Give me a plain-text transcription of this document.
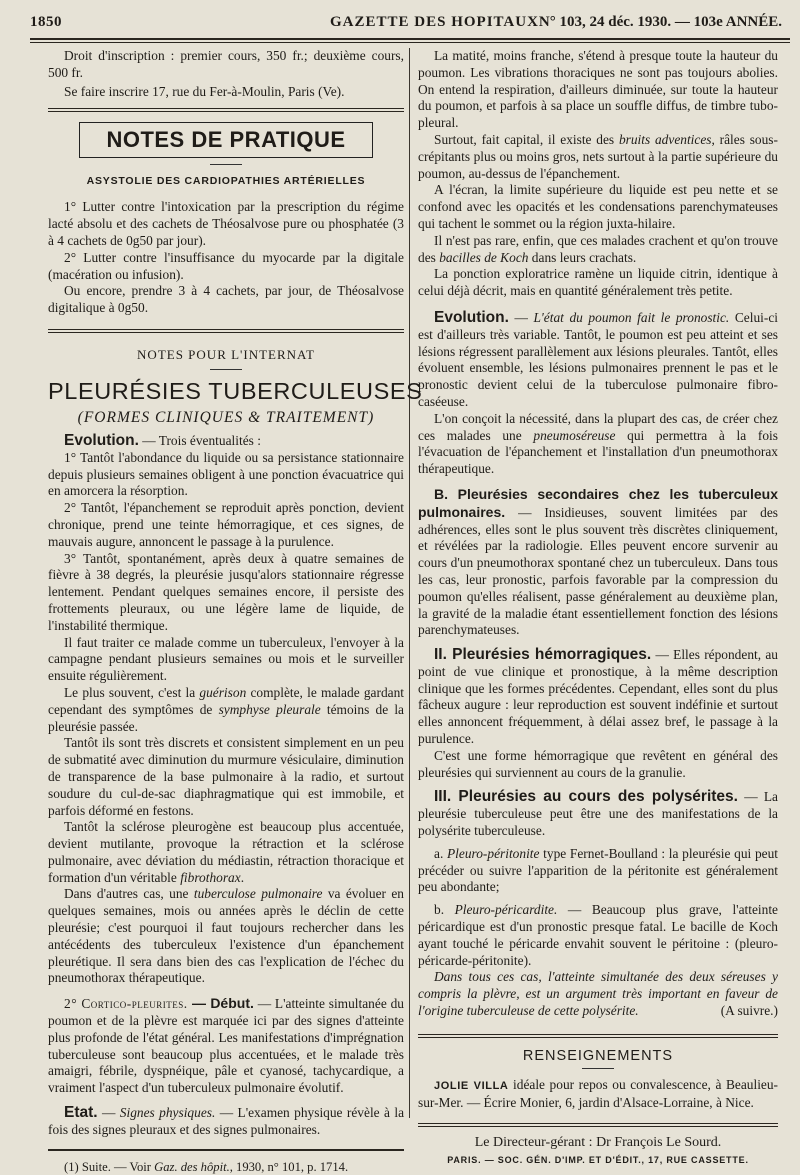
1850	GAZETTE DES HOPITAUX N° 103, 24 déc. 1930. — 103e ANNÉE.

Droit d'inscription : premier cours, 350 fr.; deuxième cours, 500 fr.

Se faire inscrire 17, rue du Fer-à-Moulin, Paris (Ve).

NOTES DE PRATIQUE
ASYSTOLIE DES CARDIOPATHIES ARTÉRIELLES

1° Lutter contre l'intoxication par la prescription du régime lacté absolu et des cachets de Théosalvose pure ou phosphatée (3 à 4 cachets de 0g50 par jour).

2° Lutter contre l'insuffisance du myocarde par la digitale (macération ou infusion).

Ou encore, prendre 3 à 4 cachets, par jour, de Théosalvose digitalique à 0g50.

NOTES POUR L'INTERNAT
PLEURÉSIES TUBERCULEUSES
(FORMES CLINIQUES & TRAITEMENT)

Evolution. — Trois éventualités :

1° Tantôt l'abondance du liquide ou sa persistance stationnaire depuis plusieurs semaines obligent à une ponction évacuatrice qui en amorcera la résorption.

2° Tantôt, l'épanchement se reproduit après ponction, devient chronique, prend une teinte hémorragique, et ces signes, de mauvais augure, annoncent le passage à la purulence.

3° Tantôt, spontanément, après deux à quatre semaines de fièvre à 38 degrés, la pleurésie jusqu'alors stationnaire régresse lentement. Pendant quelques semaines encore, il persiste des frottements pleuraux, ou une légère lame de liquide, de l'instabilité thermique.

Il faut traiter ce malade comme un tuberculeux, l'envoyer à la campagne pendant plusieurs semaines ou mois et le surveiller ensuite régulièrement.

Le plus souvent, c'est la guérison complète, le malade gardant cependant des symptômes de symphyse pleurale témoins de la pleurésie passée.

Tantôt ils sont très discrets et consistent simplement en un peu de submatité avec diminution du murmure vésiculaire, diminution de transparence de la base pulmonaire à la radio, et surtout soudure du cul-de-sac diaphragmatique qui est immobile, et parfois déformé en festons.

Tantôt la sclérose pleurogène est beaucoup plus accentuée, devient mutilante, provoque la rétraction et la sclérose pulmonaire, avec déviation du médiastin, rétraction thoracique et formation d'un véritable fibrothorax.

Dans d'autres cas, une tuberculose pulmonaire va évoluer en quelques semaines, mois ou années après le déclin de cette pleurésie; c'est pourquoi il faut toujours rechercher dans les antécédents des tuberculeux l'existence d'un épanchement pleurétique. Il sera dans bien des cas l'explication de l'échec du pneumothorax thérapeutique.

2° Cortico-pleurites. — Début. — L'atteinte simultanée du poumon et de la plèvre est marquée ici par des signes d'atteinte plus profonde de l'état général. Les manifestations d'imprégnation tuberculeuse sont beaucoup plus accentuées, et le malade très amaigri, fébrile, dyspnéique, pâle et cyanosé, tachycardique, a vraiment l'aspect d'un tuberculeux pulmonaire évolutif.

Etat. — Signes physiques. — L'examen physique révèle à la fois des signes pleuraux et des signes pulmonaires.

(1) Suite. — Voir Gaz. des hôpit., 1930, n° 101, p. 1714.

La matité, moins franche, s'étend à presque toute la hauteur du poumon. Les vibrations thoraciques ne sont pas toujours abolies. On entend la respiration, d'ailleurs diminuée, sur toute la hauteur du poumon, et parfois à sa place un souffle diffus, de timbre tubo-pleural.

Surtout, fait capital, il existe des bruits adventices, râles sous-crépitants plus ou moins gros, nets surtout à la partie supérieure du poumon, au-dessus de l'épanchement.

A l'écran, la limite supérieure du liquide est peu nette et se confond avec les opacités et les condensations parenchymateuses qui tachent le sommet ou la région juxta-hilaire.

Il n'est pas rare, enfin, que ces malades crachent et qu'on trouve des bacilles de Koch dans leurs crachats.

La ponction exploratrice ramène un liquide citrin, identique à celui déjà décrit, mais en quantité généralement très petite.

Evolution. — L'état du poumon fait le pronostic. Celui-ci est d'ailleurs très variable. Tantôt, le poumon est peu atteint et ses lésions régressent parallèlement aux lésions pleurales. Tantôt, elles évoluent ensemble, les lésions pulmonaires prennent le pas et le pronostic devient celui de la tuberculose pulmonaire fibro-caséeuse.

L'on conçoit la nécessité, dans la plupart des cas, de créer chez ces malades une pneumoséreuse qui permettra à la fois l'évacuation de l'épanchement et l'installation d'un pneumothorax thérapeutique.

B. Pleurésies secondaires chez les tuberculeux pulmonaires. — Insidieuses, souvent limitées par des adhérences, elles sont le plus souvent très discrètes cliniquement, et révélées par la radiologie. Elles peuvent encore survenir au cours d'un pneumothorax spontané chez un tuberculeux. Dans tous les cas, leur pronostic, parfois favorable par la compression du poumon qu'elles réalisent, passe généralement au deuxième plan, la gravité de la maladie étant essentiellement fonction des lésions parenchymateuses.

II. Pleurésies hémorragiques. — Elles répondent, au point de vue clinique et pronostique, à la même description clinique que les formes précédentes. Cependant, elles sont du plus fâcheux augure : leur reproduction est souvent indéfinie et surtout elles annoncent fréquemment, à délai assez bref, le passage à la purulence.

C'est une forme hémorragique que revêtent en général des pleurésies qui surviennent au cours de la granulie.

III. Pleurésies au cours des polysérites. — La pleurésie tuberculeuse peut être une des manifestations de la polysérite tuberculeuse.

a. Pleuro-péritonite type Fernet-Boulland : la pleurésie qui peut précéder ou suivre l'apparition de la péritonite est généralement peu abondante;

b. Pleuro-péricardite. — Beaucoup plus grave, l'atteinte péricardique est d'un pronostic presque fatal. Le bacille de Koch ayant touché le péricarde envahit souvent le péritoine : (pleuro-péricarde-péritonite).

Dans tous ces cas, l'atteinte simultanée des deux séreuses y compris la plèvre, est un argument très important en faveur de l'origine tuberculeuse de cette polysérite.	(A suivre.)

RENSEIGNEMENTS

JOLIE VILLA idéale pour repos ou convalescence, à Beaulieu-sur-Mer. — Écrire Monier, 6, jardin d'Alsace-Lorraine, à Nice.

Le Directeur-gérant : Dr François Le Sourd.
PARIS. — SOC. GÉN. D'IMP. ET D'ÉDIT., 17, RUE CASSETTE.
